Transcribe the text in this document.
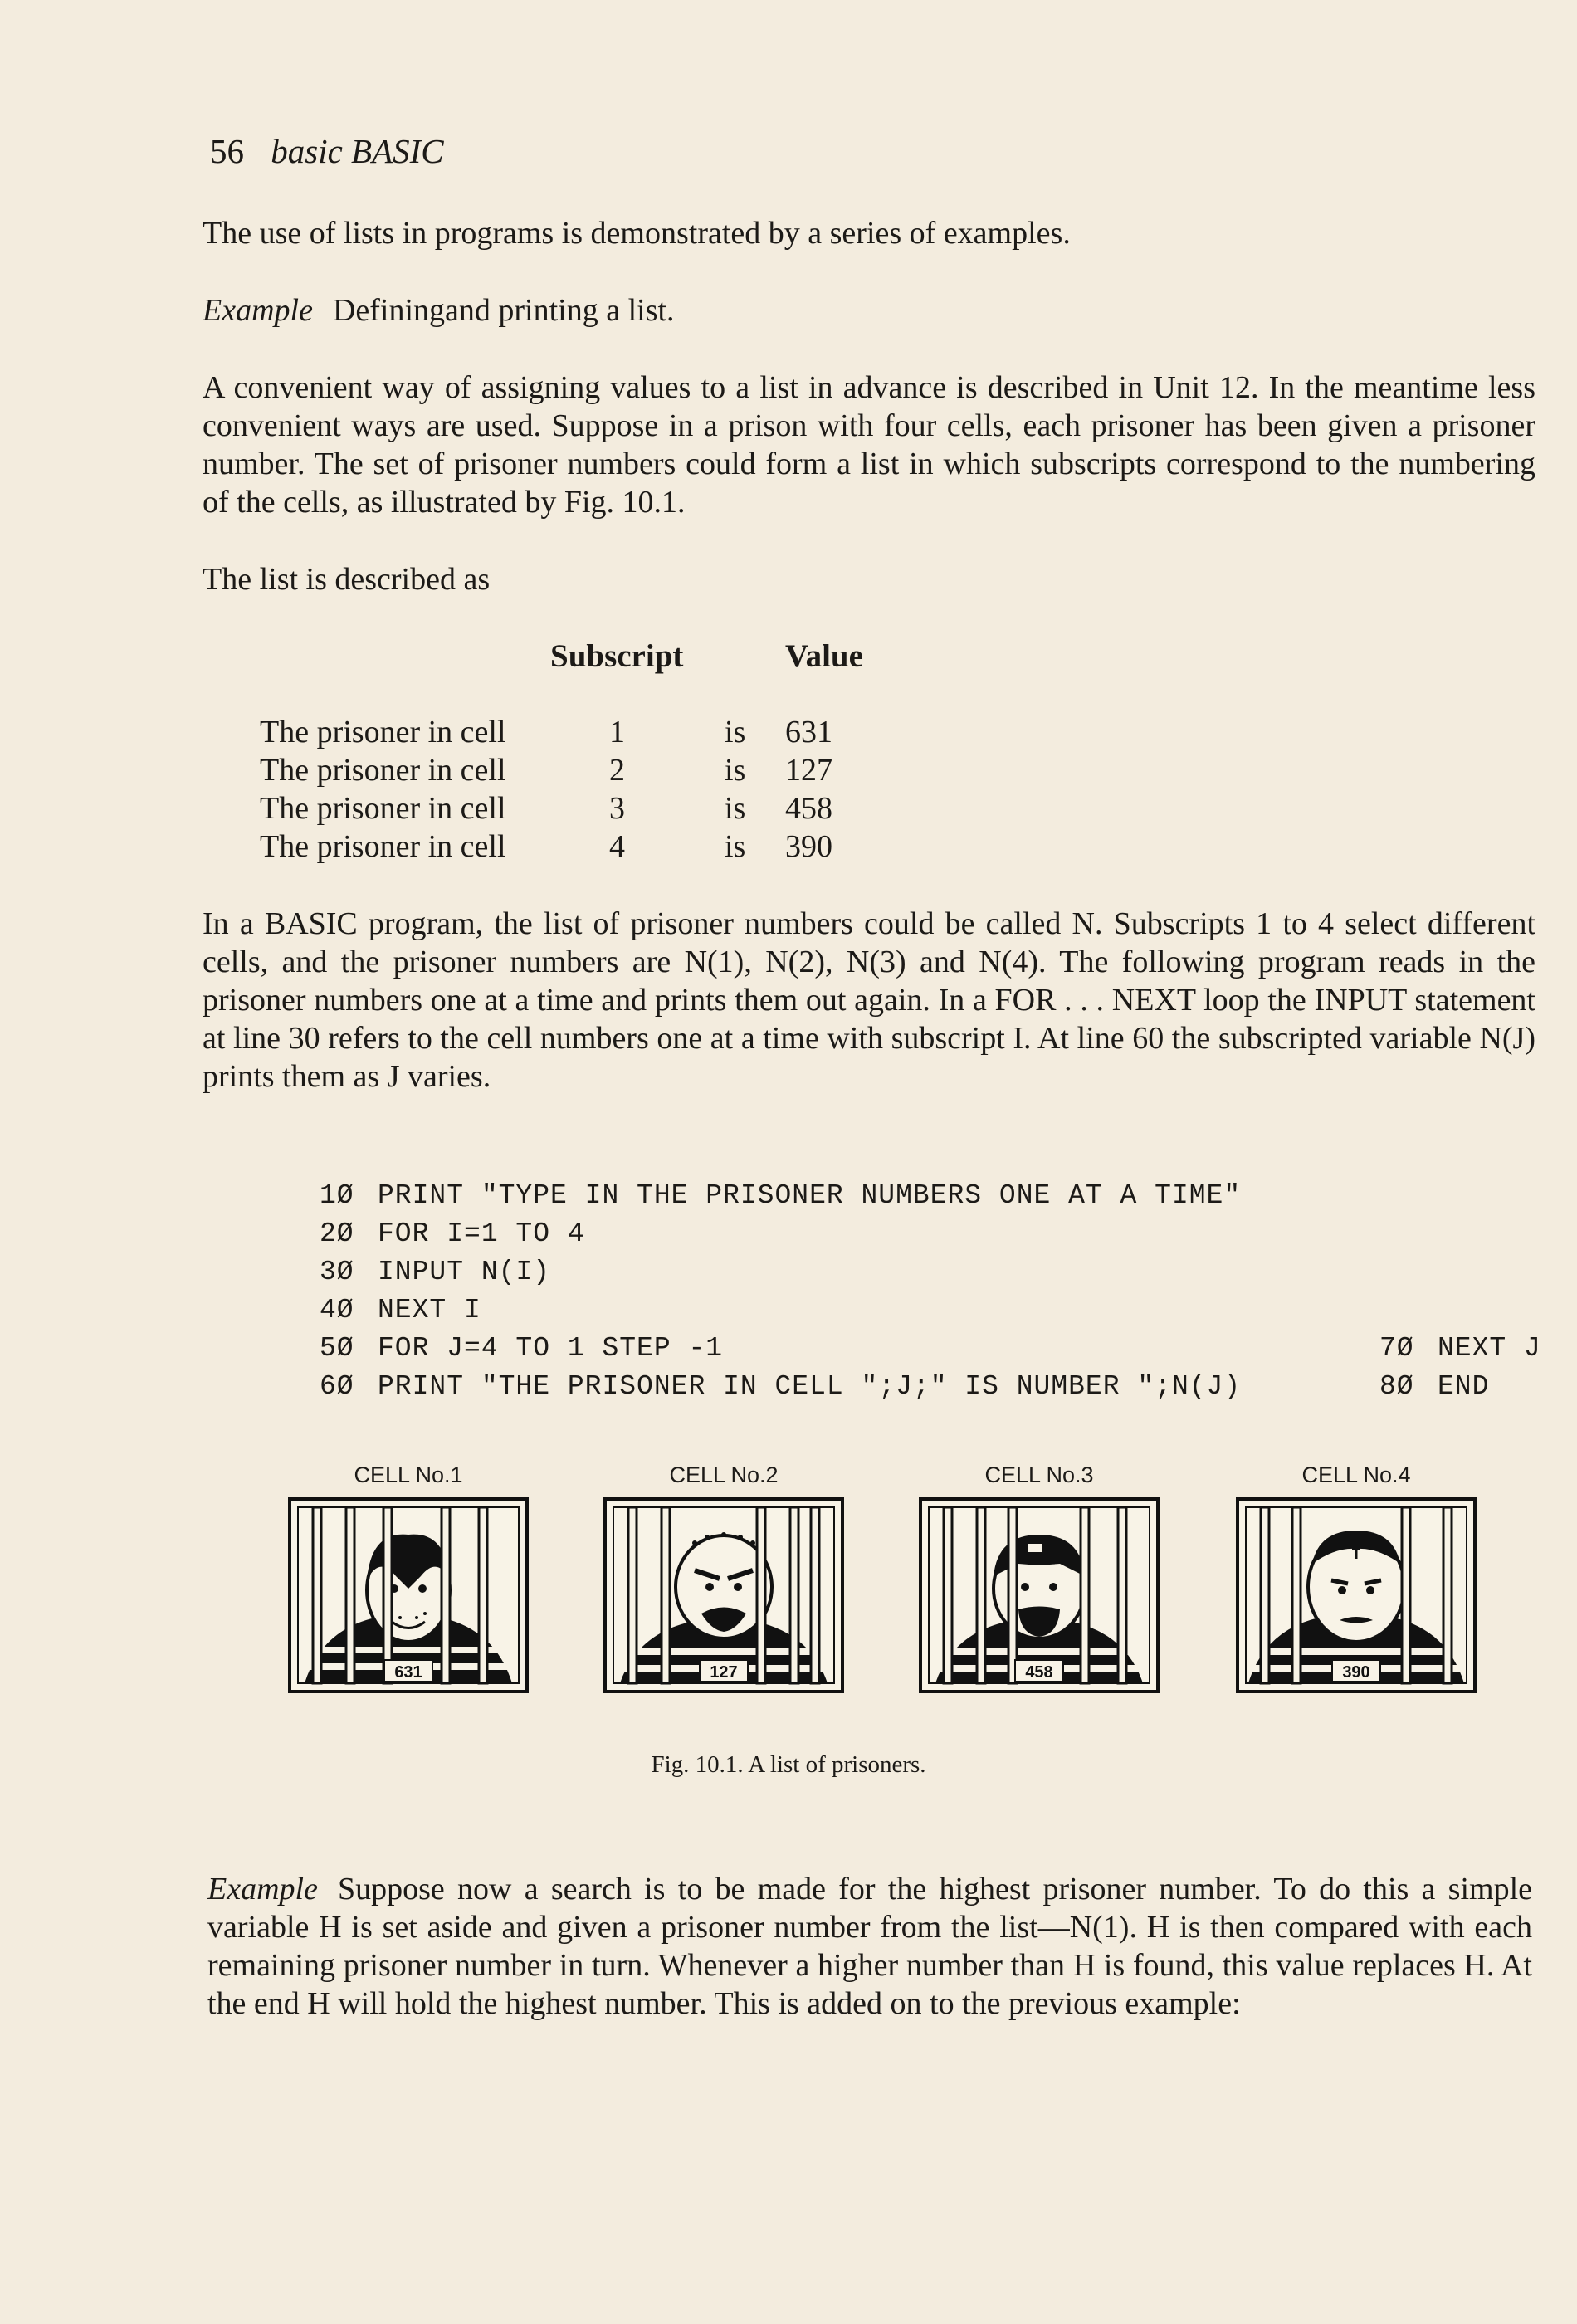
56 basic BASIC

The use of lists in programs is demonstrated by a series of examples.

Example Definingand printing a list.

A convenient way of assigning values to a list in advance is described in Unit 12. In the meantime less convenient ways are used. Suppose in a prison with four cells, each prisoner has been given a prisoner number. The set of prisoner numbers could form a list in which subscripts correspond to the numbering of the cells, as illustrated by Fig. 10.1.

The list is described as

Subscript	Value
The prisoner in cell	1	is 631
The prisoner in cell	2	is 127
The prisoner in cell	3	is 458
The prisoner in cell	4	is 390

In a BASIC program, the list of prisoner numbers could be called N. Subscripts 1 to 4 select different cells, and the prisoner numbers are N(1), N(2), N(3) and N(4). The following program reads in the prisoner numbers one at a time and prints them out again. In a FOR . . . NEXT loop the INPUT statement at line 30 refers to the cell numbers one at a time with subscript I. At line 60 the subscripted variable N(J) prints them as J varies.

1Ø PRINT "TYPE IN THE PRISONER NUMBERS ONE AT A TIME"
2Ø FOR I=1 TO 4
3Ø INPUT N(I)
4Ø NEXT I
5Ø FOR J=4 TO 1 STEP -1	7Ø NEXT J
6Ø PRINT "THE PRISONER IN CELL ";J;" IS NUMBER ";N(J)	8Ø END
CELL No.1
631
CELL No.2
127
CELL No.3
458
CELL No.4
390
Fig. 10.1. A list of prisoners.

Example Suppose now a search is to be made for the highest prisoner number. To do this a simple variable H is set aside and given a prisoner number from the list—N(1). H is then compared with each remaining prisoner number in turn. Whenever a higher number than H is found, this value replaces H. At the end H will hold the highest number. This is added on to the previous example:
